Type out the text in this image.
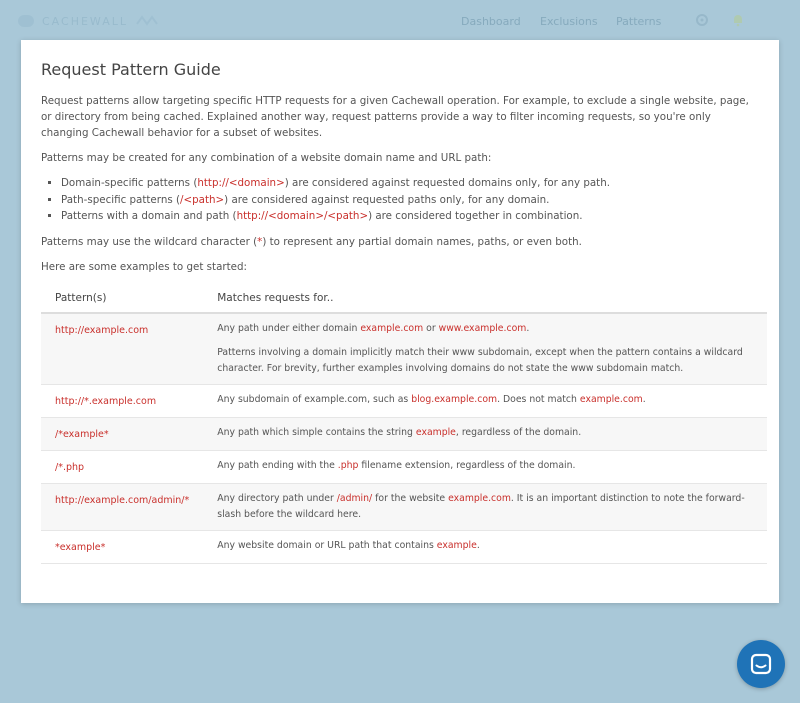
CACHEWALL	Dashboard Exclusions Patterns
Request Pattern Guide

Request patterns allow targeting specific HTTP requests for a given Cachewall operation. For example, to exclude a single website, page, or directory from being cached. Explained another way, request patterns provide a way to filter incoming requests, so you're only changing Cachewall behavior for a subset of websites.

Patterns may be created for any combination of a website domain name and URL path:

▪ Domain-specific patterns (http://<domain>) are considered against requested domains only, for any path.
▪ Path-specific patterns (/<path>) are considered against requested paths only, for any domain.
▪ Patterns with a domain and path (http://<domain>/<path>) are considered together in combination.

Patterns may use the wildcard character (*) to represent any partial domain names, paths, or even both.

Here are some examples to get started:

Pattern(s)	Matches requests for..
http://example.com	Any path under either domain example.com or www.example.com.
Patterns involving a domain implicitly match their www subdomain, except when the pattern contains a wildcard character. For brevity, further examples involving domains do not state the www subdomain match.

http://*.example.com	Any subdomain of example.com, such as blog.example.com. Does not match example.com.
/*example*	Any path which simple contains the string example, regardless of the domain.
/*.php	Any path ending with the .php filename extension, regardless of the domain.
http://example.com/admin/*	Any directory path under /admin/ for the website example.com. It is an important distinction to note the forward-slash before the wildcard here.
*example*	Any website domain or URL path that contains example.
